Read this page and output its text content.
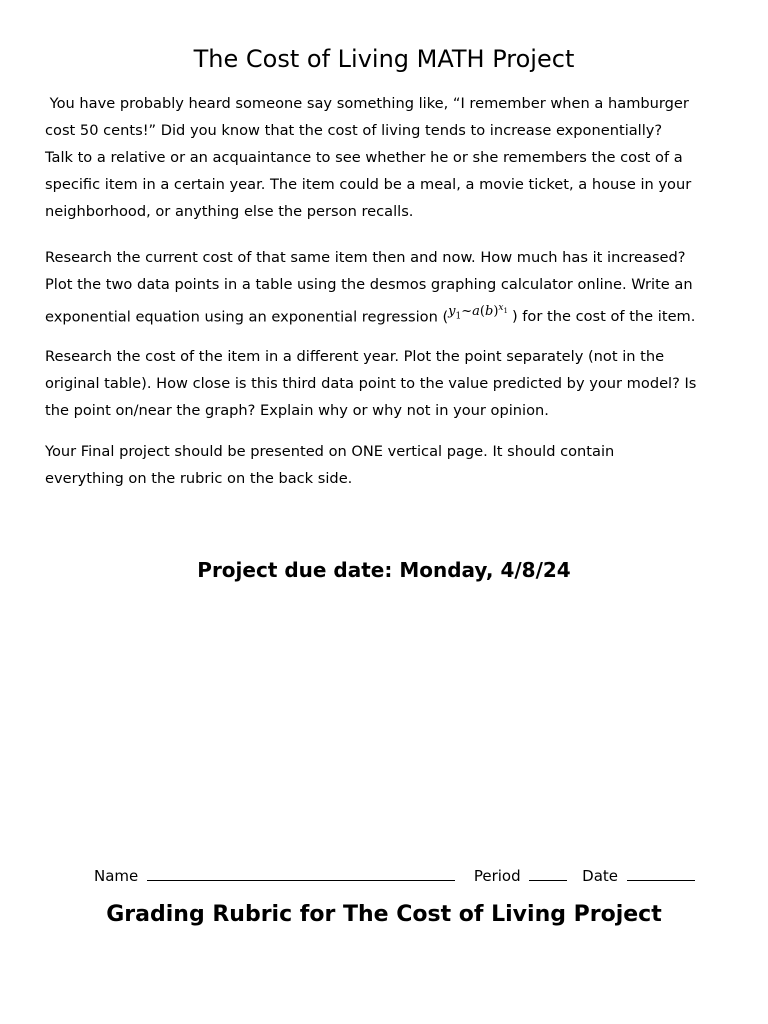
The Cost of Living MATH Project

You have probably heard someone say something like, “I remember when a hamburger
cost 50 cents!” Did you know that the cost of living tends to increase exponentially?
Talk to a relative or an acquaintance to see whether he or she remembers the cost of a
specific item in a certain year. The item could be a meal, a movie ticket, a house in your
neighborhood, or anything else the person recalls.

Research the current cost of that same item then and now. How much has it increased?
Plot the two data points in a table using the desmos graphing calculator online. Write an
exponential equation using an exponential regression ($y_1\sim a(b)^{x_1}$ ) for the cost of the item.
Research the cost of the item in a different year. Plot the point separately (not in the
original table). How close is this third data point to the value predicted by your model? Is
the point on/near the graph? Explain why or why not in your opinion.

Your Final project should be presented on ONE vertical page. It should contain
everything on the rubric on the back side.

Project due date: Monday, 4/8/24
Name	Period	Date
Grading Rubric for The Cost of Living Project
